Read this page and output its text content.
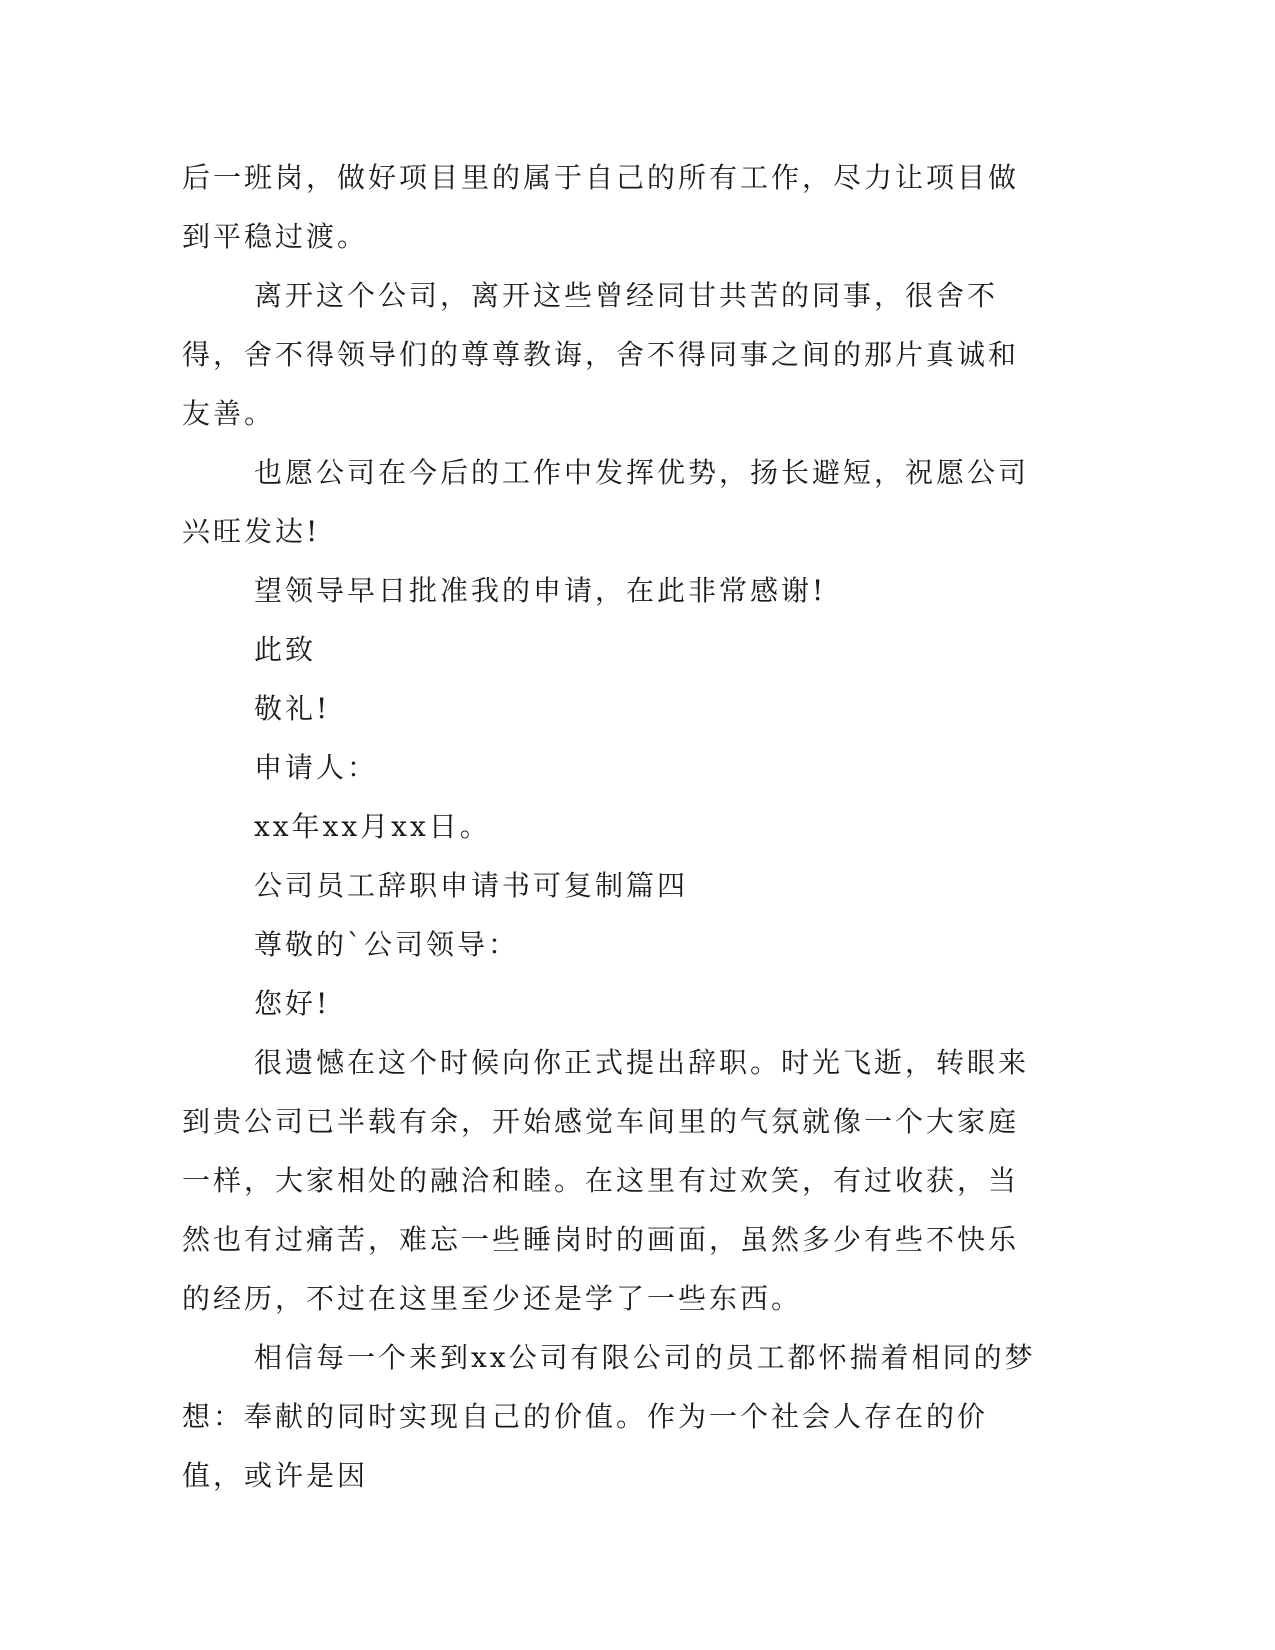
后一班岗，做好项目里的属于自己的所有工作，尽力让项目做到平稳过渡。

离开这个公司，离开这些曾经同甘共苦的同事，很舍不得，舍不得领导们的尊尊教诲，舍不得同事之间的那片真诚和友善。

也愿公司在今后的工作中发挥优势，扬长避短，祝愿公司兴旺发达!

望领导早日批准我的申请，在此非常感谢!

此致

敬礼!

申请人：

xx年xx月xx日。

公司员工辞职申请书可复制篇四

尊敬的`公司领导：

您好!

很遗憾在这个时候向你正式提出辞职。时光飞逝，转眼来到贵公司已半载有余，开始感觉车间里的气氛就像一个大家庭一样，大家相处的融洽和睦。在这里有过欢笑，有过收获，当然也有过痛苦，难忘一些睡岗时的画面，虽然多少有些不快乐的经历，不过在这里至少还是学了一些东西。

相信每一个来到xx公司有限公司的员工都怀揣着相同的梦想：奉献的同时实现自己的价值。作为一个社会人存在的价值，或许是因
